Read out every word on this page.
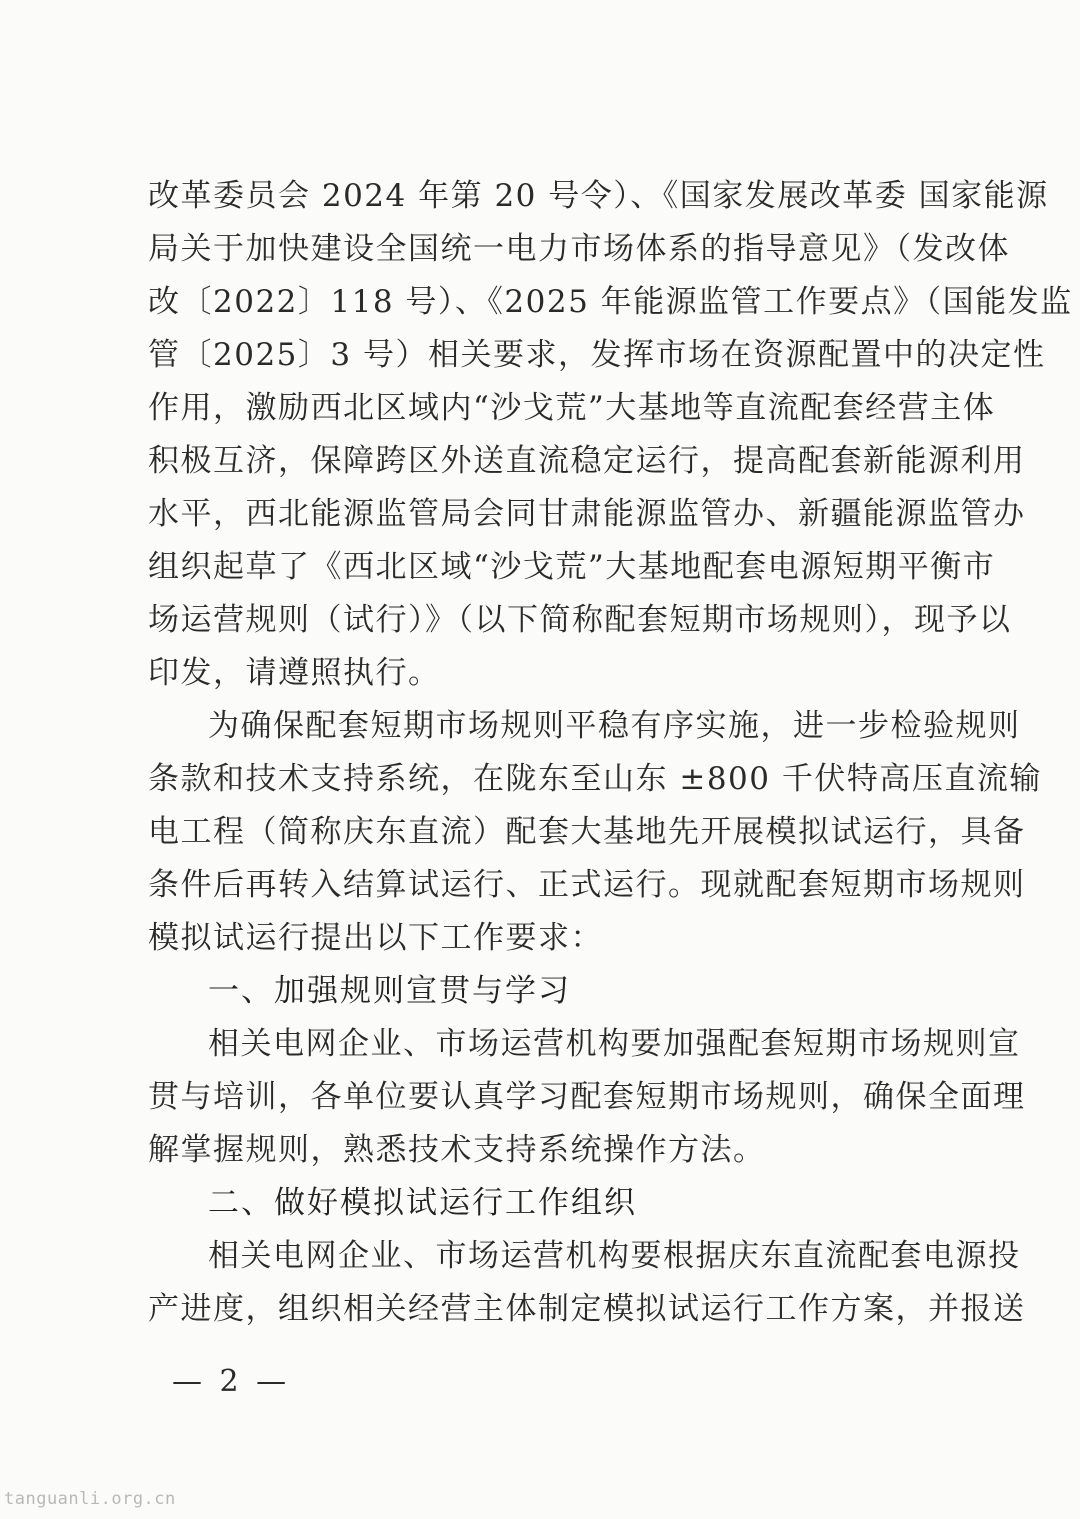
改革委员会 2024 年第 20 号令）、《国家发展改革委 国家能源
局关于加快建设全国统一电力市场体系的指导意见》（发改体
改〔2022〕118 号）、《2025 年能源监管工作要点》（国能发监
管〔2025〕3 号）相关要求，发挥市场在资源配置中的决定性
作用，激励西北区域内“沙戈荒”大基地等直流配套经营主体
积极互济，保障跨区外送直流稳定运行，提高配套新能源利用
水平，西北能源监管局会同甘肃能源监管办、新疆能源监管办
组织起草了《西北区域“沙戈荒”大基地配套电源短期平衡市
场运营规则（试行）》（以下简称配套短期市场规则），现予以
印发，请遵照执行。
为确保配套短期市场规则平稳有序实施，进一步检验规则
条款和技术支持系统，在陇东至山东 ±800 千伏特高压直流输
电工程（简称庆东直流）配套大基地先开展模拟试运行，具备
条件后再转入结算试运行、正式运行。现就配套短期市场规则
模拟试运行提出以下工作要求：
一、加强规则宣贯与学习
相关电网企业、市场运营机构要加强配套短期市场规则宣
贯与培训，各单位要认真学习配套短期市场规则，确保全面理
解掌握规则，熟悉技术支持系统操作方法。
二、做好模拟试运行工作组织
相关电网企业、市场运营机构要根据庆东直流配套电源投
产进度，组织相关经营主体制定模拟试运行工作方案，并报送
— 2 —
tanguanli.org.cn
